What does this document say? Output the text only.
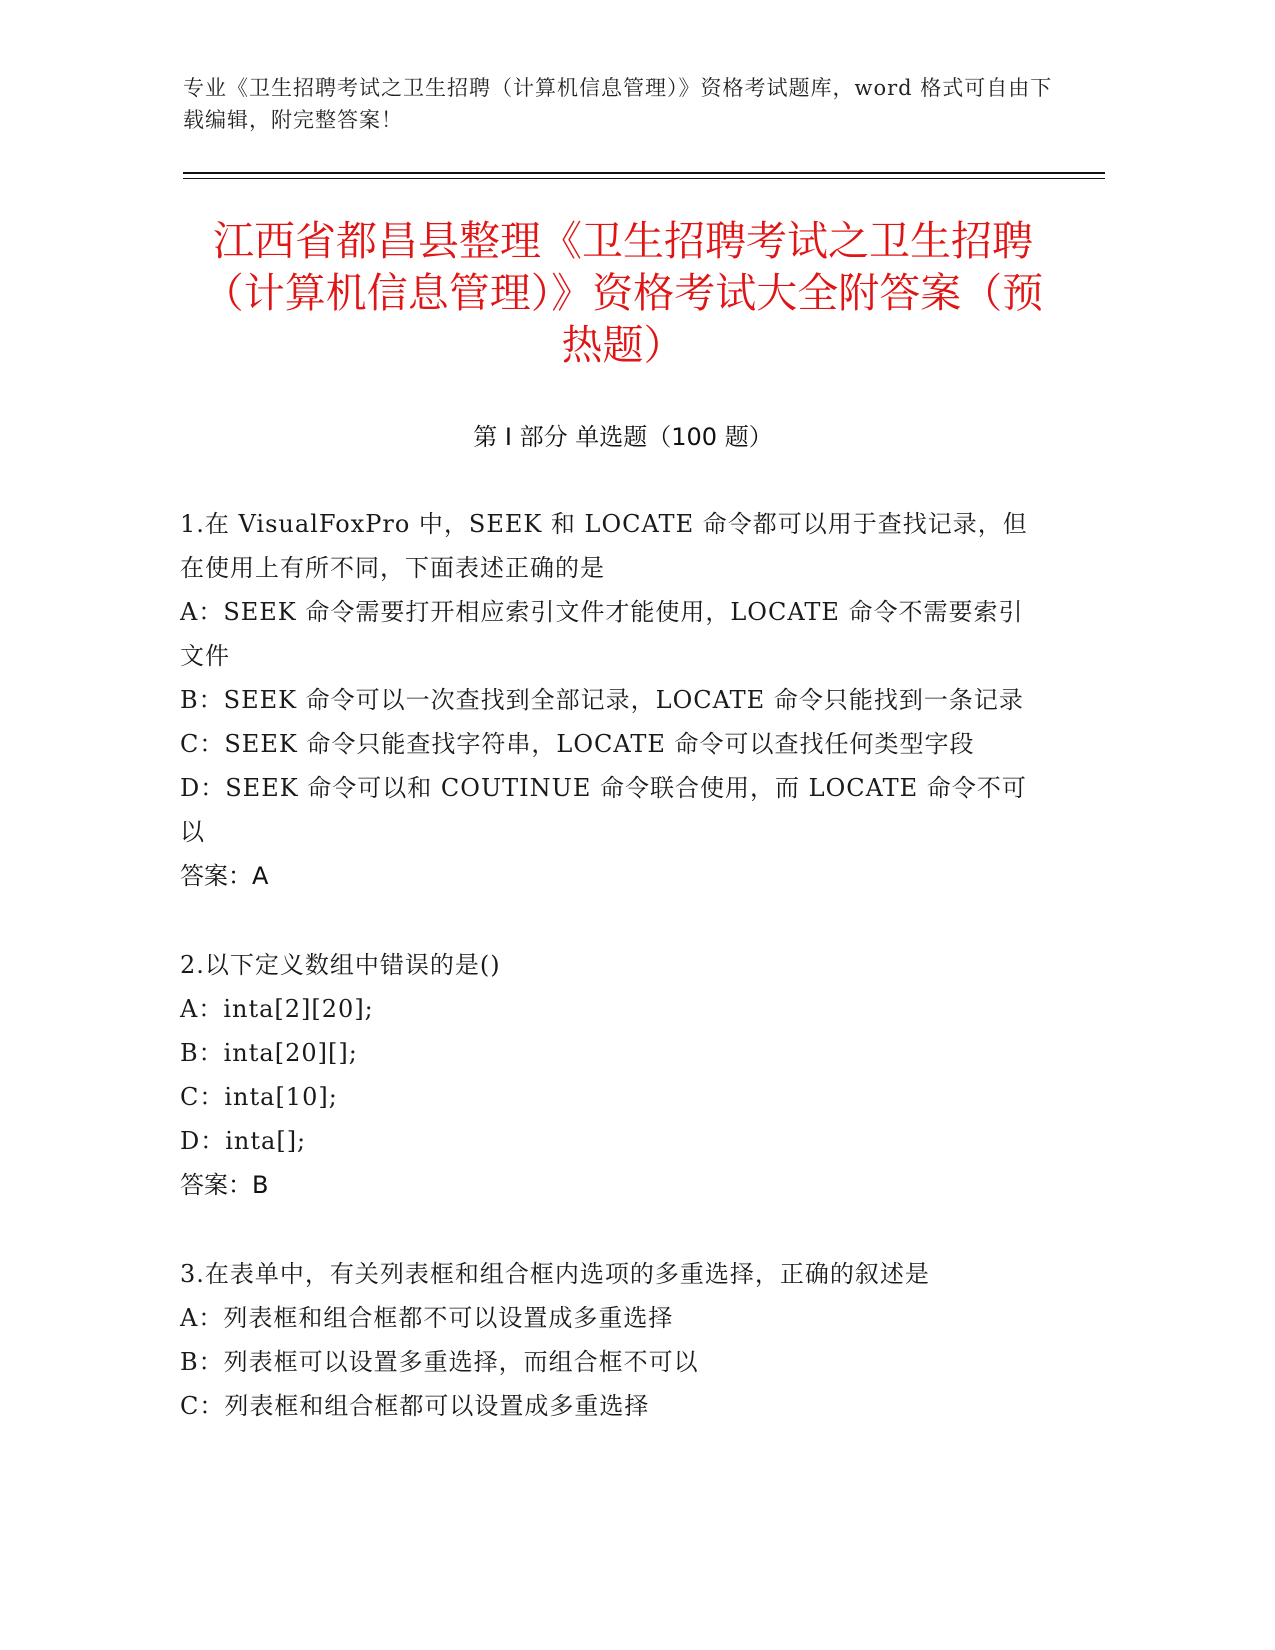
专业《卫生招聘考试之卫生招聘（计算机信息管理）》资格考试题库，word 格式可自由下载编辑，附完整答案！
江西省都昌县整理《卫生招聘考试之卫生招聘（计算机信息管理）》资格考试大全附答案（预热题）
第 I 部分 单选题（100 题）

1.在 VisualFoxPro 中，SEEK 和 LOCATE 命令都可以用于查找记录，但在使用上有所不同，下面表述正确的是

A：SEEK 命令需要打开相应索引文件才能使用，LOCATE 命令不需要索引文件

B：SEEK 命令可以一次查找到全部记录，LOCATE 命令只能找到一条记录

C：SEEK 命令只能查找字符串，LOCATE 命令可以查找任何类型字段

D：SEEK 命令可以和 COUTINUE 命令联合使用，而 LOCATE 命令不可以

答案：A

2.以下定义数组中错误的是()

A：inta[2][20];

B：inta[20][];

C：inta[10];

D：inta[];

答案：B

3.在表单中，有关列表框和组合框内选项的多重选择，正确的叙述是

A：列表框和组合框都不可以设置成多重选择

B：列表框可以设置多重选择，而组合框不可以

C：列表框和组合框都可以设置成多重选择
